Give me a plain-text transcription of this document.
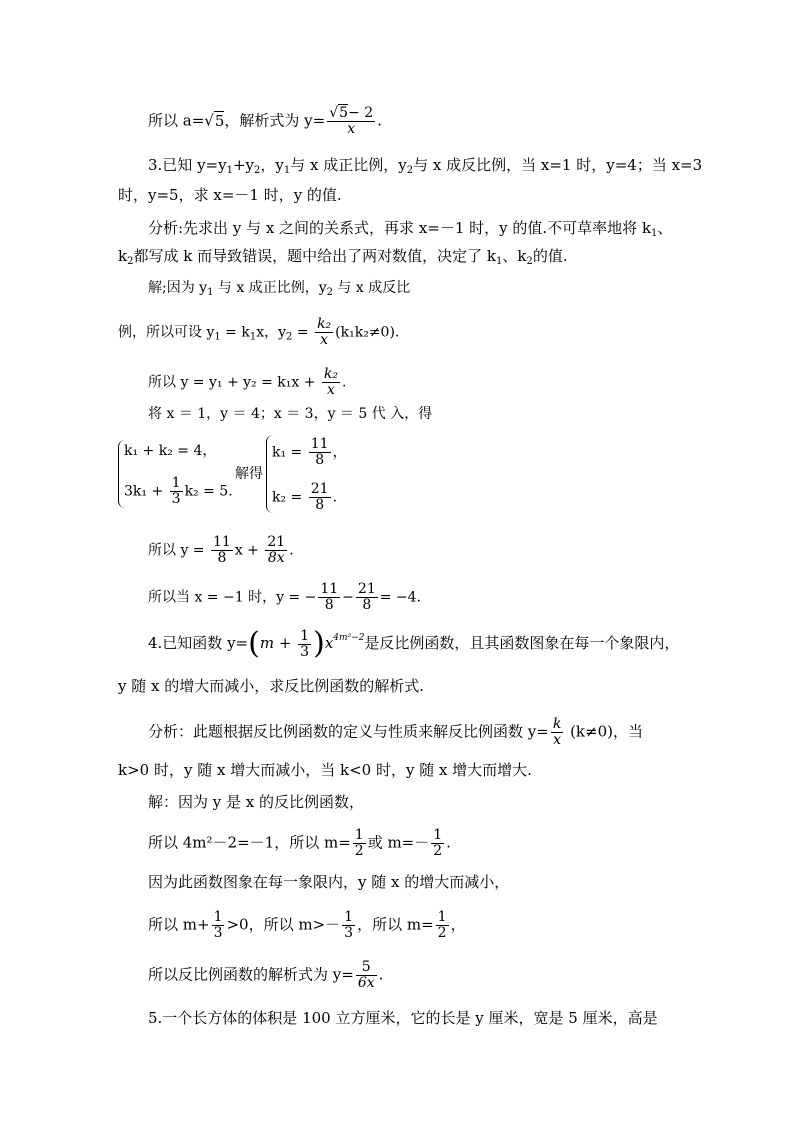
所以 a=√5，解析式为 $y= \frac{√5- 2}{x}$ .
3.已知 $y=y_1+y_2$，$y_1$与 x 成正比例，$y_2$与 x 成反比例，当 x=1 时，y=4；当 x=3
时，y=5，求 x=－1 时，y 的值.
分析:先求出 y 与 x 之间的关系式，再求 x=－1 时，y 的值.不可草率地将 $k_1$、
$k_2$都写成 k 而导致错误，题中给出了两对数值，决定了 $k_1$、$k_2$的值.
解;因为 $y_1$ 与 x 成正比例，$y_2$ 与 x 成反比
例，所以可设 $y_1 = k_1x$，$y_2 = \frac{\text{k₂}}{x} (k_1k_2\ne 0)$.
所以 $y = y_1 + y_2 = k_1x + \frac{\text{k₂}}{x}$ .
将 x ＝ 1，y ＝ 4；x ＝ 3，y ＝ 5 代 入，得
k₁ + k₂ = 4，
$3k_1 + \frac{1}{3} k_2 = 5$.
解得
$k_1 = \frac{11}{8}$ ，
$k_2 = \frac{21}{8}$ .
所以 $y = \frac{11}{8}$ $x + \frac{21}{8x}$ .
所以当 x = −1 时，y = − $\frac{11}{8} - \frac{21}{8} = -4$.
4.已知函数 $y=(m + \frac{1}{3} )x^{4m^2-2}$是反比例函数，且其函数图象在每一个象限内，
y 随 x 的增大而减小，求反比例函数的解析式.
分析：此题根据反比例函数的定义与性质来解反比例函数 $y= \frac{k}{x} (k\ne 0)$，当
k>0 时，y 随 x 增大而减小，当 k<0 时，y 随 x 增大而增大.
解：因为 y 是 x 的反比例函数，
所以 4m²－2=－1，所以 $m= \frac{1}{2}$ 或 $m=- \frac{1}{2}$ .
因为此函数图象在每一象限内，y 随 x 的增大而减小，
所以 $m+ \frac{1}{3} >0$，所以 $m>- \frac{1}{3}$ ，所以 $m= \frac{1}{2}$ ，
所以反比例函数的解析式为 $y= \frac{5}{6x}$ .
5.一个长方体的体积是 100 立方厘米，它的长是 y 厘米，宽是 5 厘米，高是
